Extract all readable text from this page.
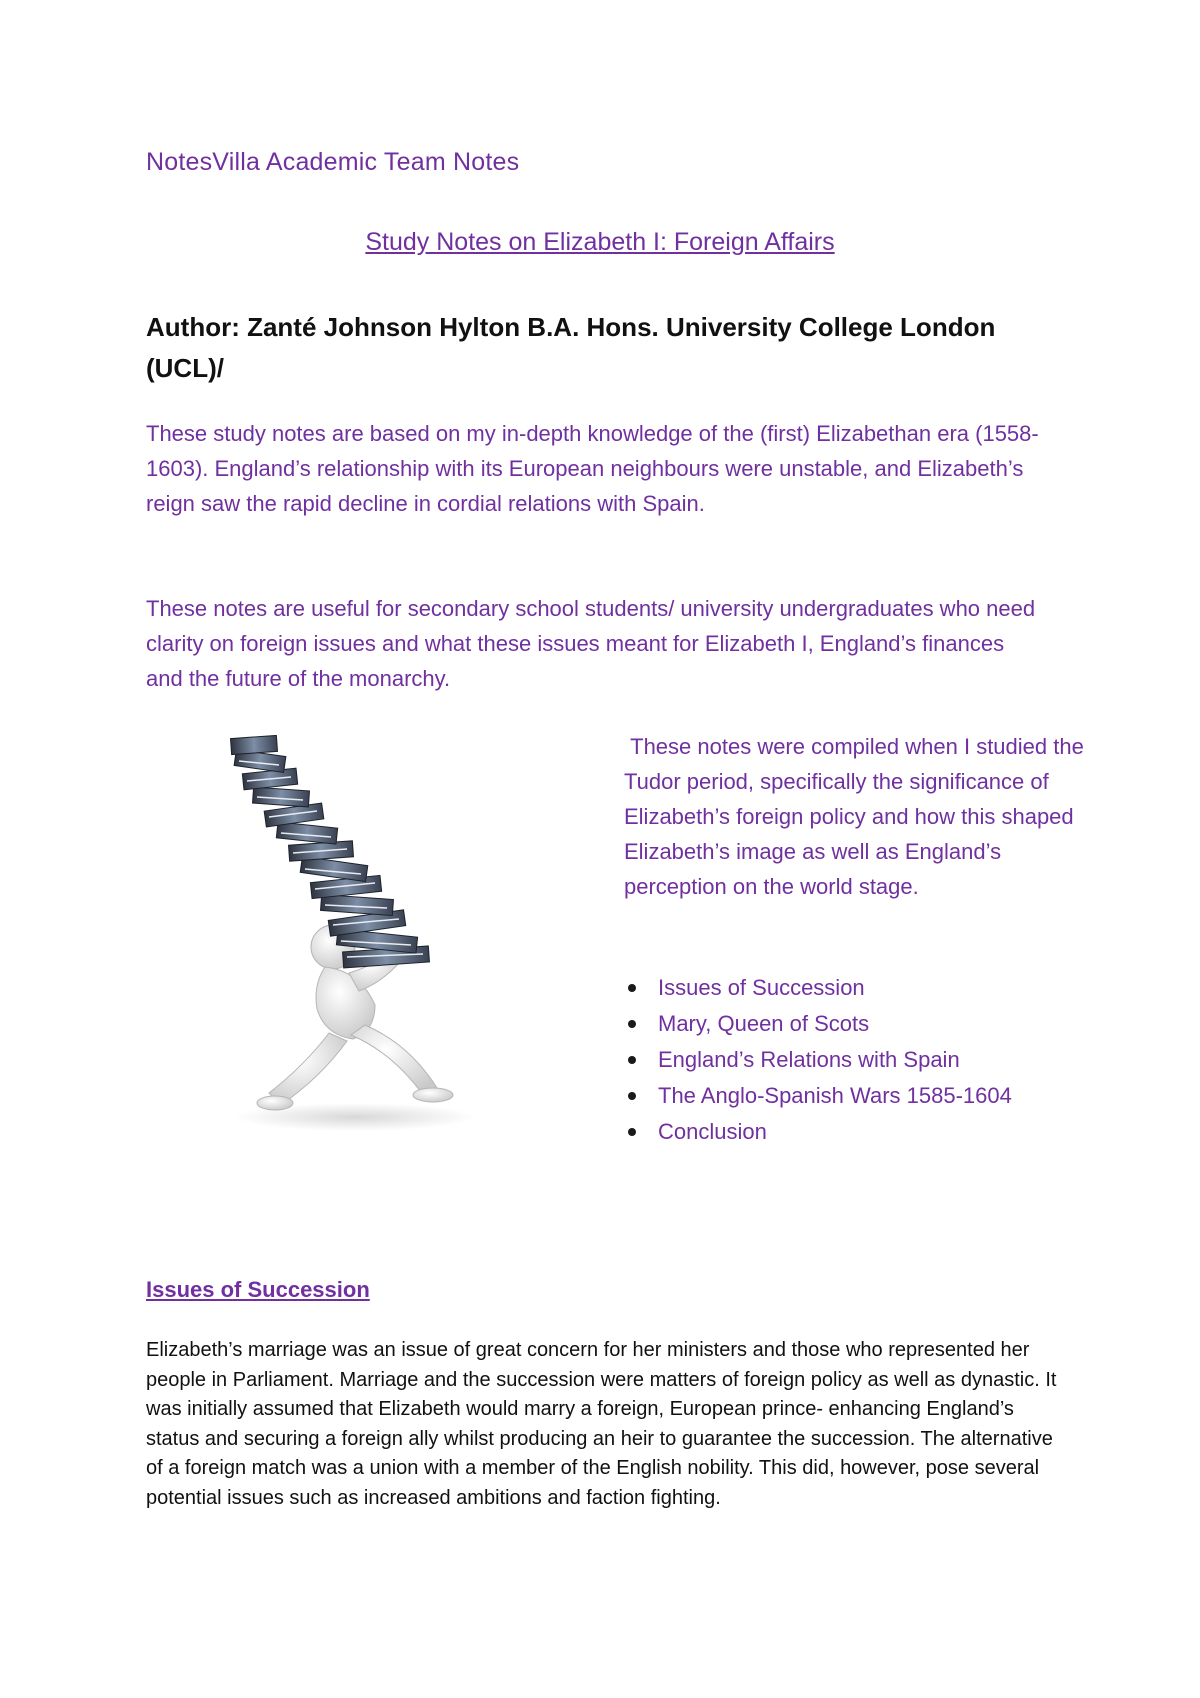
NotesVilla Academic Team Notes
Study Notes on Elizabeth I: Foreign Affairs
Author: Zanté Johnson Hylton B.A. Hons. University College London (UCL)/
These study notes are based on my in-depth knowledge of the (first) Elizabethan era (1558-1603). England’s relationship with its European neighbours were unstable, and Elizabeth’s reign saw the rapid decline in cordial relations with Spain.
These notes are useful for secondary school students/ university undergraduates who need clarity on foreign issues and what these issues meant for Elizabeth I, England’s finances and the future of the monarchy.
These notes were compiled when I studied the Tudor period, specifically the significance of Elizabeth’s foreign policy and how this shaped Elizabeth’s image as well as England’s perception on the world stage.
Issues of Succession
Mary, Queen of Scots
England’s Relations with Spain
The Anglo-Spanish Wars 1585-1604
Conclusion
Issues of Succession
Elizabeth’s marriage was an issue of great concern for her ministers and those who represented her people in Parliament. Marriage and the succession were matters of foreign policy as well as dynastic. It was initially assumed that Elizabeth would marry a foreign, European prince- enhancing England’s status and securing a foreign ally whilst producing an heir to guarantee the succession. The alternative of a foreign match was a union with a member of the English nobility. This did, however, pose several potential issues such as increased ambitions and faction fighting.
